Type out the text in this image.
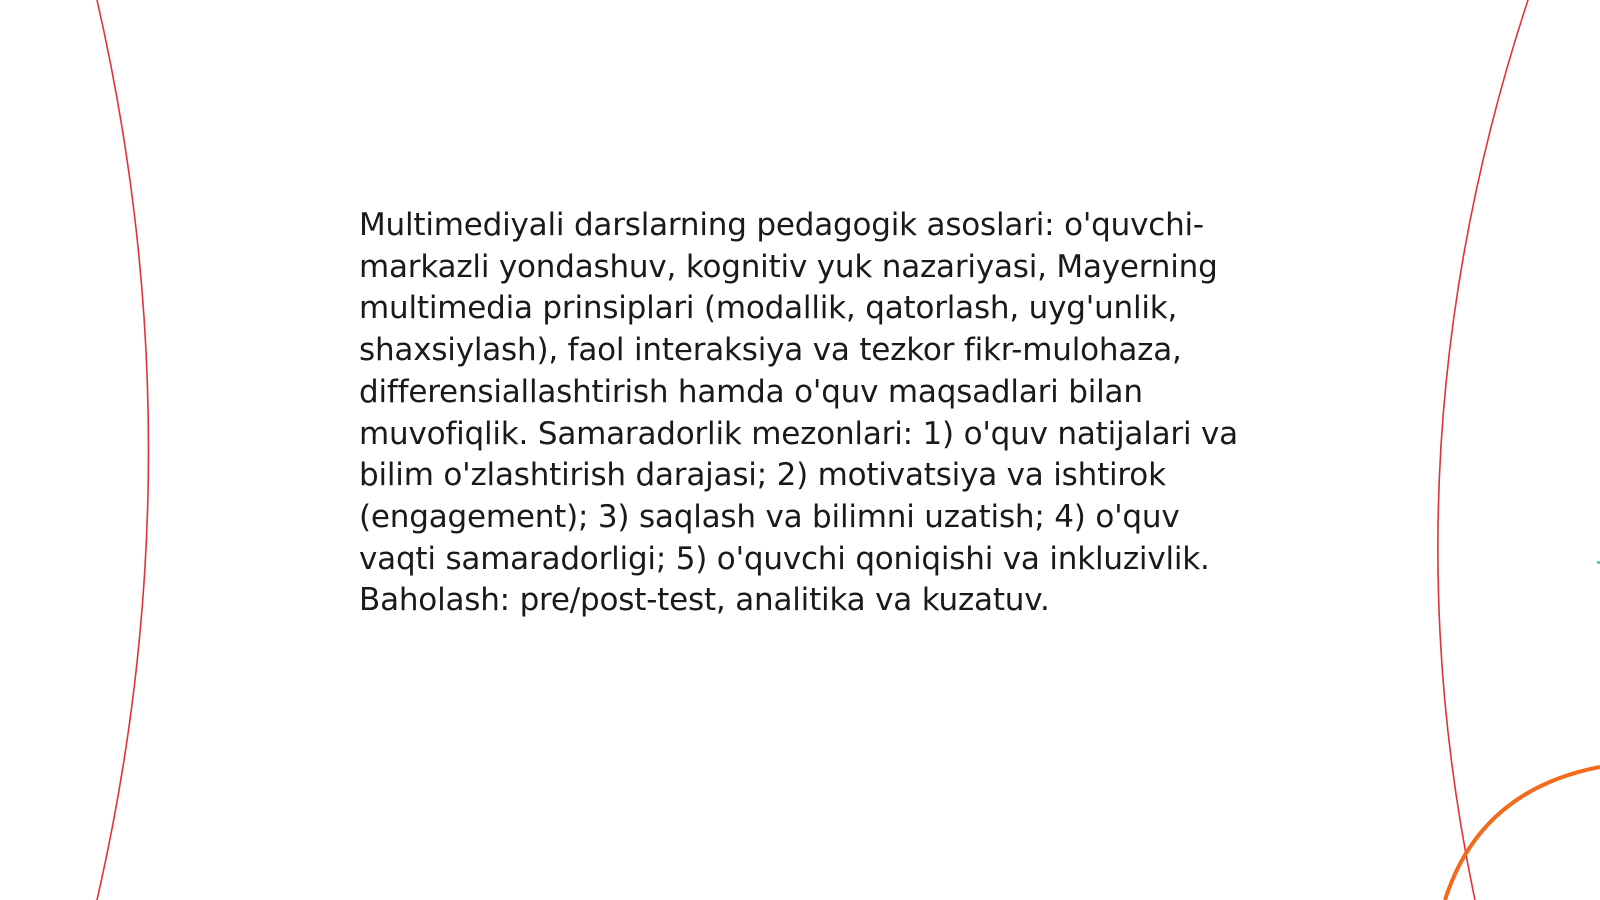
Multimediyali darslarning pedagogik asoslari: o'quvchi-markazli yondashuv, kognitiv yuk nazariyasi, Mayerning multimedia prinsiplari (modallik, qatorlash, uyg'unlik, shaxsiylash), faol interaksiya va tezkor fikr-mulohaza, differensiallashtirish hamda o'quv maqsadlari bilan muvofiqlik. Samaradorlik mezonlari: 1) o'quv natijalari va bilim o'zlashtirish darajasi; 2) motivatsiya va ishtirok (engagement); 3) saqlash va bilimni uzatish; 4) o'quv vaqti samaradorligi; 5) o'quvchi qoniqishi va inkluzivlik. Baholash: pre/post-test, analitika va kuzatuv.
